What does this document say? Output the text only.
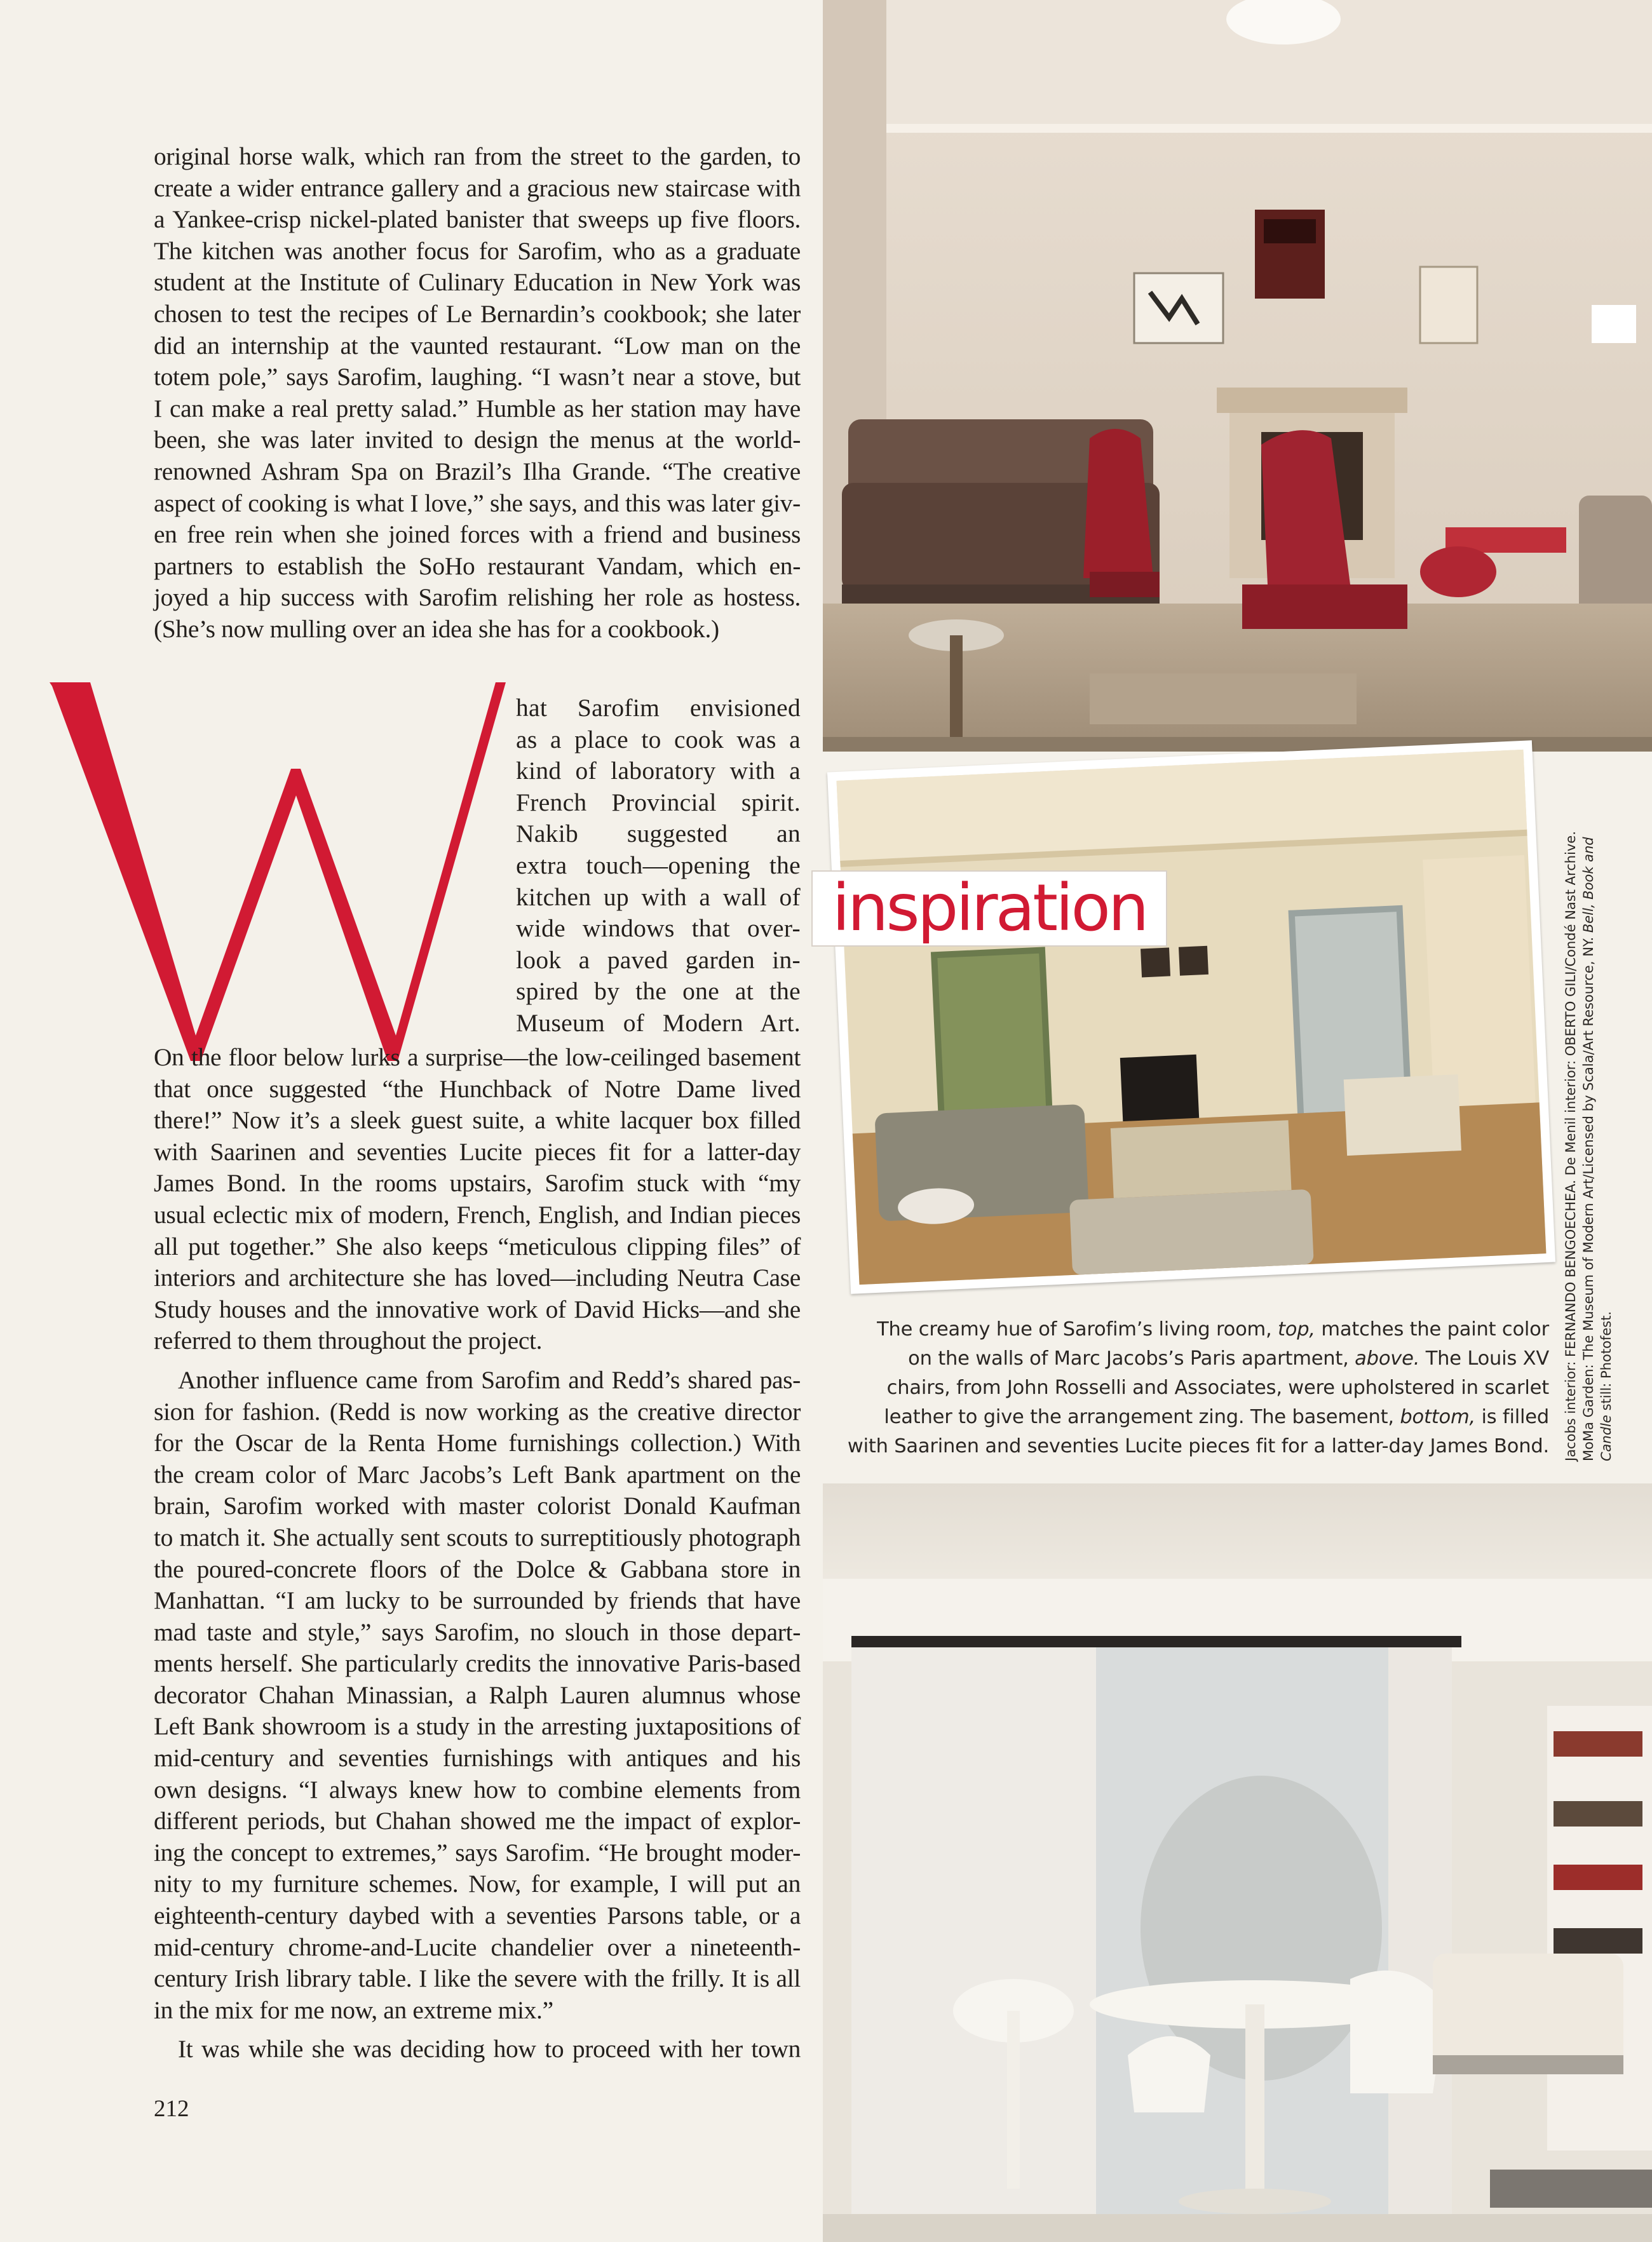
original horse walk, which ran from the street to the garden, to
create a wider entrance gallery and a gracious new staircase with
a Yankee-crisp nickel-plated banister that sweeps up five floors.
The kitchen was another focus for Sarofim, who as a graduate
student at the Institute of Culinary Education in New York was
chosen to test the recipes of Le Bernardin’s cookbook; she later
did an internship at the vaunted restaurant. “Low man on the
totem pole,” says Sarofim, laughing. “I wasn’t near a stove, but
I can make a real pretty salad.” Humble as her station may have
been, she was later invited to design the menus at the world-
renowned Ashram Spa on Brazil’s Ilha Grande. “The creative
aspect of cooking is what I love,” she says, and this was later giv-
en free rein when she joined forces with a friend and business
partners to establish the SoHo restaurant Vandam, which en-
joyed a hip success with Sarofim relishing her role as hostess.
(She’s now mulling over an idea she has for a cookbook.)
hat Sarofim envisioned
as a place to cook was a
kind of laboratory with a
French Provincial spirit.
Nakib suggested an
extra touch—opening the
kitchen up with a wall of
wide windows that over-
look a paved garden in-
spired by the one at the
Museum of Modern Art.
On the floor below lurks a surprise—the low-ceilinged basement
that once suggested “the Hunchback of Notre Dame lived
there!” Now it’s a sleek guest suite, a white lacquer box filled
with Saarinen and seventies Lucite pieces fit for a latter-day
James Bond. In the rooms upstairs, Sarofim stuck with “my
usual eclectic mix of modern, French, English, and Indian pieces
all put together.” She also keeps “meticulous clipping files” of
interiors and architecture she has loved—including Neutra Case
Study houses and the innovative work of David Hicks—and she
referred to them throughout the project.
Another influence came from Sarofim and Redd’s shared pas-
sion for fashion. (Redd is now working as the creative director
for the Oscar de la Renta Home furnishings collection.) With
the cream color of Marc Jacobs’s Left Bank apartment on the
brain, Sarofim worked with master colorist Donald Kaufman
to match it. She actually sent scouts to surreptitiously photograph
the poured-concrete floors of the Dolce & Gabbana store in
Manhattan. “I am lucky to be surrounded by friends that have
mad taste and style,” says Sarofim, no slouch in those depart-
ments herself. She particularly credits the innovative Paris-based
decorator Chahan Minassian, a Ralph Lauren alumnus whose
Left Bank showroom is a study in the arresting juxtapositions of
mid-century and seventies furnishings with antiques and his
own designs. “I always knew how to combine elements from
different periods, but Chahan showed me the impact of explor-
ing the concept to extremes,” says Sarofim. “He brought moder-
nity to my furniture schemes. Now, for example, I will put an
eighteenth-century daybed with a seventies Parsons table, or a
mid-century chrome-and-Lucite chandelier over a nineteenth-
century Irish library table. I like the severe with the frilly. It is all
in the mix for me now, an extreme mix.”
It was while she was deciding how to proceed with her town
212
inspiration
The creamy hue of Sarofim’s living room, top, matches the paint color
on the walls of Marc Jacobs’s Paris apartment, above. The Louis XV
chairs, from John Rosselli and Associates, were upholstered in scarlet
leather to give the arrangement zing. The basement, bottom, is filled
with Saarinen and seventies Lucite pieces fit for a latter-day James Bond. Jacobs interior: FERNANDO BENGOECHEA. De Menil interior: OBERTO GILI/Condé Nast Archive. MoMa Garden: The Museum of Modern Art/Licensed by Scala/Art Resource, NY. Bell, Book and
Candle still: Photofest.
